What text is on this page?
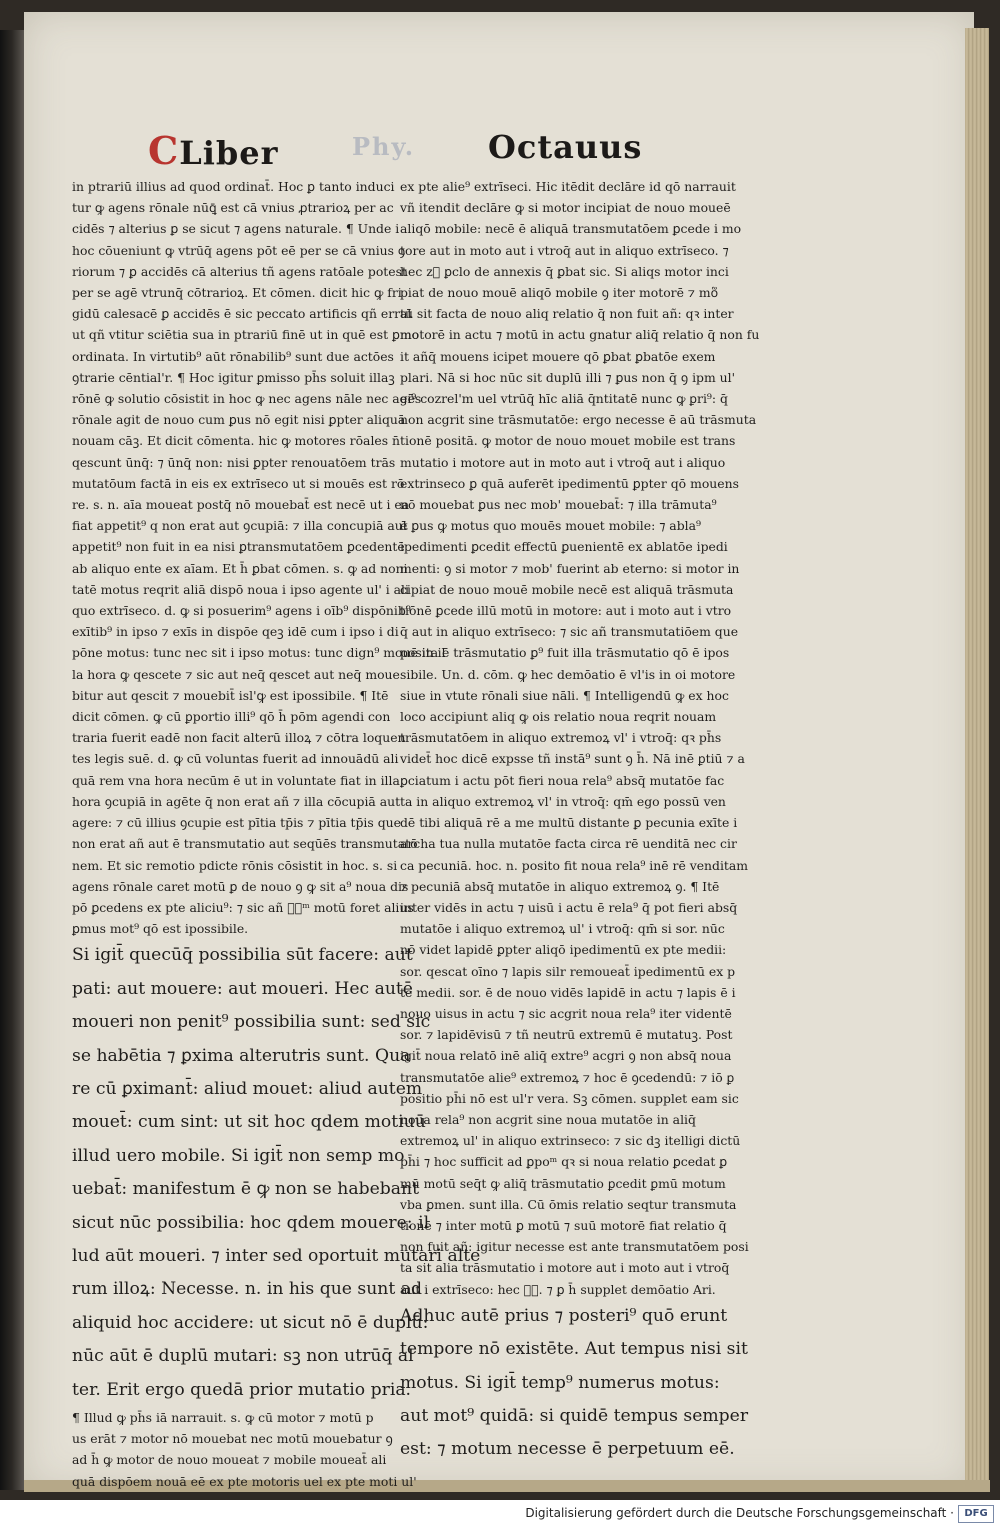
CLiber	Phy. Octauus
in ptrariū illius ad quod ordinat̄. Hoc ꝑ tanto induci
tur ꝙ agens rōnale nūꝗ̄ est cā vnius ꝓtrarioꝝ per ac
cidēs ⁊ alterius ꝑ se sicut ⁊ agens naturale. ¶ Unde i
hoc cōueniunt ꝙ vtrūq̄ agens pōt eē per se cā vnius ꝯ
riorum ⁊ ꝑ accidēs cā alterius tñ agens ratōale potest
per se agē vtrunq̄ cōtrarioꝝ. Et cōmen. dicit hic ꝙ fri
gidū calesacē ꝑ accidēs ē sic peccato artificis qñ errat
ut qñ vtitur sciētia sua in ptrariū finē ut in quē est ꝑmo
ordinata. In virtutib⁹ aūt rōnabilib⁹ sunt due actōes
ꝯtrarie cēntial'r. ¶ Hoc igitur ꝑmisso ph̄s soluit illaꝫ
rōnē ꝙ solutio cōsistit in hoc ꝙ nec agens nāle nec agēs
rōnale agit de nouo cum ꝑus nō egit nisi ꝑpter aliquā
nouam cāꝫ. Et dicit cōmenta. hic ꝙ motores rōales n̄
qescunt ūnq̄: ⁊ ūnq̄ non: nisi ꝑpter renouatōem trās
mutatōum factā in eis ex extrīseco ut si mouēs est rō
re. s. n. aīa moueat postq̄ nō mouebat̄ est necē ut i ea
fiat appetit⁹ q non erat aut ꝯcupiā: ⁊ illa concupiā aut
appetit⁹ non fuit in ea nisi ꝑtransmutatōem ꝑcedentē
ab aliquo ente ex aīam. Et h̄ ꝑbat cōmen. s. ꝙ ad noni
tatē motus reqrit aliā dispō noua i ipso agente ul' i ali
quo extrīseco. d. ꝙ si posuerim⁹ agens i oīb⁹ dispōnib⁹
exītib⁹ in ipso ⁊ exīs in dispōe qeꝫ idē cum i ipso i di
pōne motus: tunc nec sit i ipso motus: tunc dign⁹ mouē in il
la hora ꝙ qescete ⁊ sic aut neq̄ qescet aut neq̄ moue
bitur aut qescit ⁊ mouebit̄ isl'ꝙ est ipossibile. ¶ Itē
dicit cōmen. ꝙ cū ꝑportio illi⁹ qō h̄ pōm agendi con
traria fuerit eadē non facit alterū illoꝝ ⁊ cōtra loquen
tes legis suē. d. ꝙ cū voluntas fuerit ad innouādū ali
quā rem vna hora necūm ē ut in voluntate fiat in illa
hora ꝯcupiā in agēte q̄ non erat añ ⁊ illa cōcupiā aut
agere: ⁊ cū illius ꝯcupie est pītia tp̄is ⁊ pītia tp̄is que
non erat añ aut ē transmutatio aut seqūēs transmutatō
nem. Et sic remotio pdicte rōnis cōsistit in hoc. s. si
agens rōnale caret motū ꝑ de nouo ꝯ ꝙ sit a⁹ noua dis
pō ꝑcedens ex pte aliciu⁹: ⁊ sic añ ꝑ᷑ᵐ motū foret alius
ꝑmus mot⁹ qō est ipossibile.
Si igit̄ quecūq̄ possibilia sūt facere: aut
pati: aut mouere: aut moueri. Hec autē
moueri non penit⁹ possibilia sunt: sed sic
se habētia ⁊ ꝑxima alterutris sunt. Qua
re cū ꝑximant̄: aliud mouet: aliud autem
mouet̄: cum sint: ut sit hoc qdem motiuū
illud uero mobile. Si igit̄ non semp mo
uebat̄: manifestum ē ꝙ non se habebant
sicut nūc possibilia: hoc qdem mouere: il
lud aūt moueri. ⁊ inter sed oportuit mutari alte
rum illoꝝ: Necesse. n. in his que sunt ad
aliquid hoc accidere: ut sicut nō ē duplū:
nūc aūt ē duplū mutari: sꝫ non utrūq̄ al
ter. Erit ergo quedā prior mutatio pria.
¶ Illud ꝙ ph̄s iā narrauit. s. ꝙ cū motor ⁊ motū p
us erāt ⁊ motor nō mouebat nec motū mouebatur ꝯ
ad h̄ ꝙ motor de nouo moueat ⁊ mobile moueat̄ ali
quā dispōem nouā eē ex pte motoris uel ex pte moti ul'
ex pte alie⁹ extrīseci. Hic itēdit declāre id qō narrauit
vñ itendit declāre ꝙ si motor incipiat de nouo moueē
aliqō mobile: necē ē aliquā transmutatōem ꝑcede i mo
tore aut in moto aut i vtroq̄ aut in aliquo extrīseco. ⁊
hec z᷑ ꝑclo de annexis q̄ ꝑbat sic. Si aliqs motor inci
piat de nouo mouē aliqō mobile ꝯ iter motorē ⁊ mo᷑
tū sit facta de nouo aliq relatio q̄ non fuit añ: qꝛ inter
motorē in actu ⁊ motū in actu gnatur aliq̄ relatio q̄ non fu
it añq̄ mouens icipet mouere qō ꝑbat ꝑbatōe exem
plari. Nā si hoc nūc sit duplū illi ⁊ ꝑus non q̄ ꝯ ipm ul'
ei⁹ cozrel'm uel vtrūq̄ hīc aliā q̄ntitatē nunc ꝙ ꝑri⁹: q̄
non acgrit sine trāsmutatōe: ergo necesse ē aū trāsmuta
tionē positā. ꝙ motor de nouo mouet mobile est trans
mutatio i motore aut in moto aut i vtroq̄ aut i aliquo
extrinseco ꝑ quā auferēt ipedimentū ꝑpter qō mouens
nō mouebat ꝑus nec mob' mouebat̄: ⁊ illa trāmuta⁹
ē ꝑus ꝙ motus quo mouēs mouet mobile: ⁊ abla⁹
ipedimenti ꝑcedit effectū ꝑuenientē ex ablatōe ipedi
menti: ꝯ si motor ⁊ mob' fuerint ab eterno: si motor in
cipiat de nouo mouē mobile necē est aliquā trāsmuta
tiōnē ꝑcede illū motū in motore: aut i moto aut i vtro
q̄ aut in aliquo extrīseco: ⁊ sic añ transmutatiōem que
posita ē trāsmutatio ꝑ⁹ fuit illa trāsmutatio qō ē ipos
sibile. Un. d. cōm. ꝙ hec demōatio ē vl'is in oi motore
siue in vtute rōnali siue nāli. ¶ Intelligendū ꝙ ex hoc
loco accipiunt aliq ꝙ ois relatio noua reqrit nouam
trāsmutatōem in aliquo extremoꝝ vl' i vtroq̄: qꝛ ph̄s
videt̄ hoc dicē expsse tñ instā⁹ sunt ꝯ h̄. Nā inē ꝑtiū ⁊ a
ꝑciatum i actu pōt fieri noua rela⁹ absq̄ mutatōe fac
ta in aliquo extremoꝝ vl' in vtroq̄: qm̄ ego possū ven
dē tibi aliquā rē a me multū distante ꝑ pecunia exīte i
archa tua nulla mutatōe facta circa rē uenditā nec cir
ca pecuniā. hoc. n. posito fit noua rela⁹ inē rē venditam
⁊ pecuniā absq̄ mutatōe in aliquo extremoꝝ ꝯ. ¶ Itē
inter vidēs in actu ⁊ uisū i actu ē rela⁹ q̄ pot fieri absq̄
mutatōe i aliquo extremoꝝ ul' i vtroq̄: qm̄ si sor. nūc
nō videt lapidē ꝑpter aliqō ipedimentū ex pte medii:
sor. qescat oīno ⁊ lapis silr remoueat̄ ipedimentū ex p
te medii. sor. ē de nouo vidēs lapidē in actu ⁊ lapis ē i
nouo uisus in actu ⁊ sic acgrit noua rela⁹ iter videntē
sor. ⁊ lapidēvisū ⁊ tñ neutrū extremū ē mutatuꝫ. Post
igit̄ noua relatō inē aliq̄ extre⁹ acgri ꝯ non absq̄ noua
transmutatōe alie⁹ extremoꝝ ⁊ hoc ē ꝯcedendū: ⁊ iō ꝑ
positio ph̄i nō est ul'r vera. Sꝫ cōmen. supplet eam sic
noua rela⁹ non acgrit sine noua mutatōe in aliq̄
extremoꝝ ul' in aliquo extrinseco: ⁊ sic dꝫ itelligi dictū
ph̄i ⁊ hoc sufficit ad ꝑpoᵐ qꝛ si noua relatio ꝑcedat ꝑ
mū motū seq̄t ꝙ aliq̄ trāsmutatio ꝑcedit ꝑmū motum
vba ꝑmen. sunt illa. Cū ōmis relatio seqtur transmuta
tionē ⁊ inter motū ꝑ motū ⁊ suū motorē fiat relatio q̄
non fuit añ: igitur necesse est ante transmutatōem posi
ta sit alia trāsmutatio i motore aut i moto aut i vtroq̄
aut i extrīseco: hec ꝑ᷑. ⁊ ꝑ h̄ supplet demōatio Ari.
Adhuc autē prius ⁊ posteri⁹ quō erunt
tempore nō existēte. Aut tempus nisi sit
motus. Si igit̄ temp⁹ numerus motus:
aut mot⁹ quidā: si quidē tempus semper
est: ⁊ motum necesse ē perpetuum eē.
Digitalisierung gefördert durch die Deutsche Forschungsgemeinschaft ·	DFG
